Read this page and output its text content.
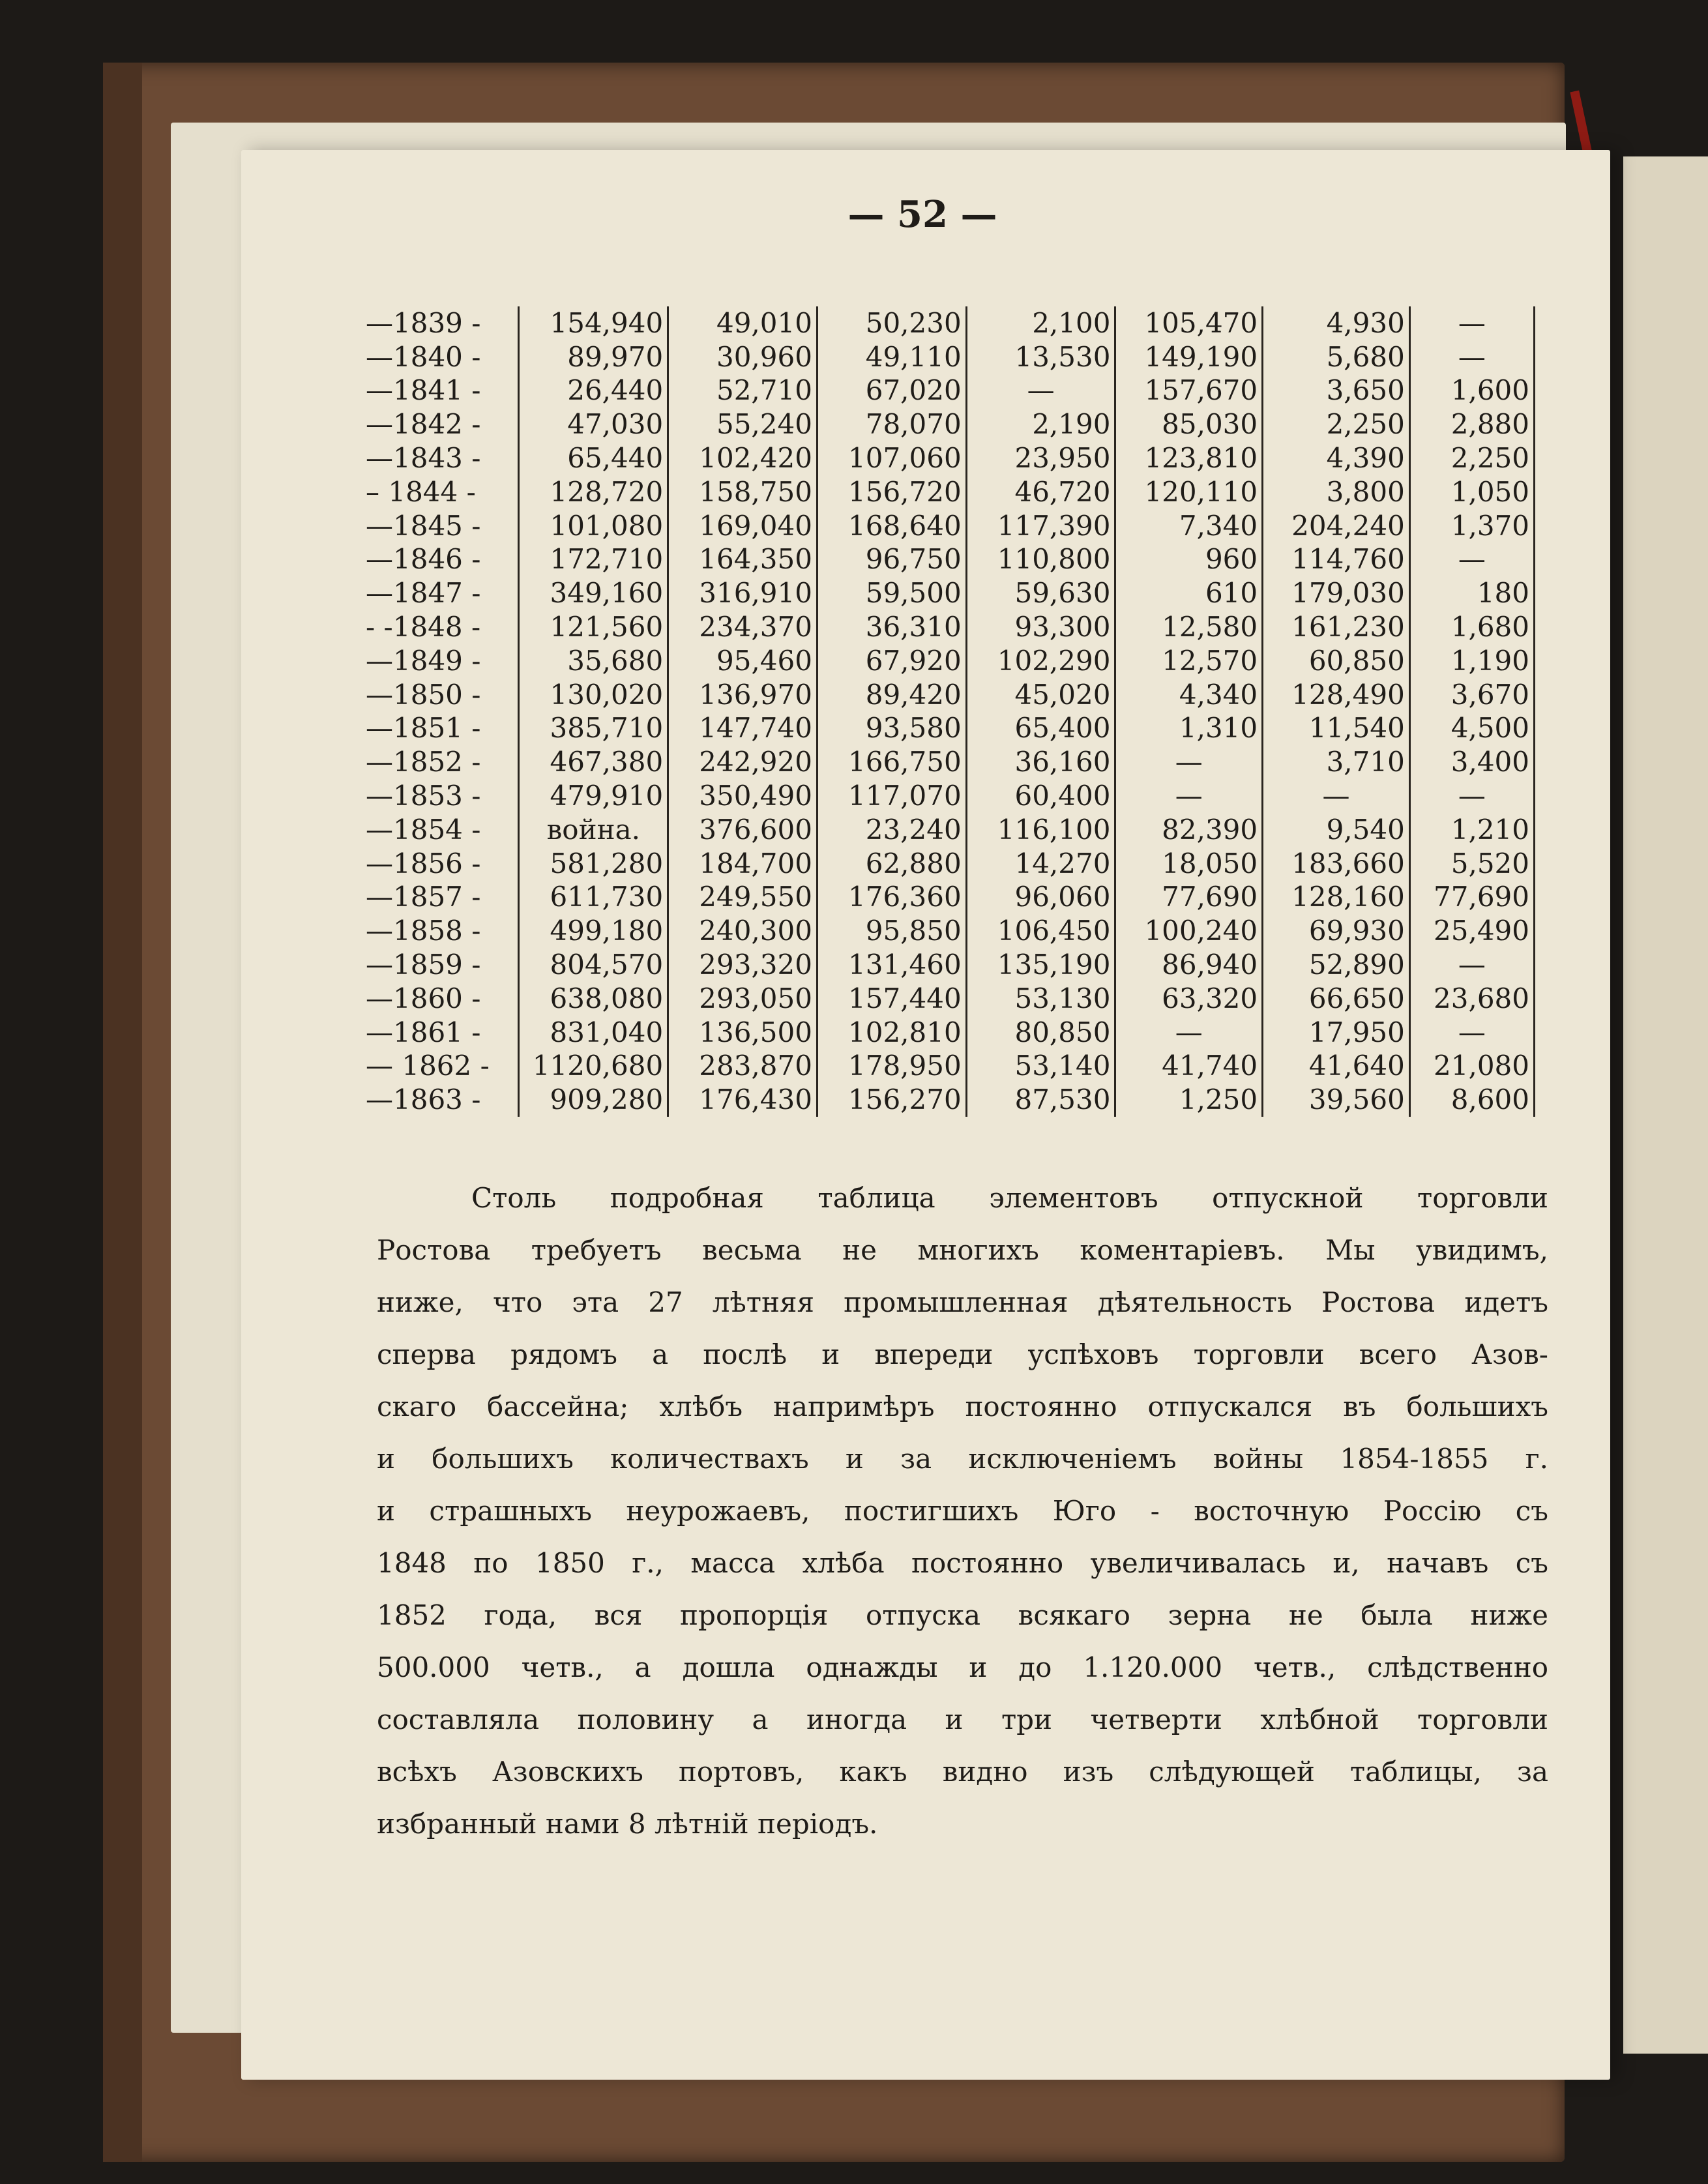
— 52 —
—1839 -	154,940	49,010	50,230	2,100	105,470	4,930	—
—1840 -	89,970	30,960	49,110	13,530	149,190	5,680	—
—1841 -	26,440	52,710	67,020	—	157,670	3,650	1,600
—1842 -	47,030	55,240	78,070	2,190	85,030	2,250	2,880
—1843 -	65,440	102,420	107,060	23,950	123,810	4,390	2,250
– 1844 -	128,720	158,750	156,720	46,720	120,110	3,800	1,050
—1845 -	101,080	169,040	168,640	117,390	7,340	204,240	1,370
—1846 -	172,710	164,350	96,750	110,800	960	114,760	—
—1847 -	349,160	316,910	59,500	59,630	610	179,030	180
- -1848 -	121,560	234,370	36,310	93,300	12,580	161,230	1,680
—1849 -	35,680	95,460	67,920	102,290	12,570	60,850	1,190
—1850 -	130,020	136,970	89,420	45,020	4,340	128,490	3,670
—1851 -	385,710	147,740	93,580	65,400	1,310	11,540	4,500
—1852 -	467,380	242,920	166,750	36,160	—	3,710	3,400
—1853 -	479,910	350,490	117,070	60,400	—	—	—
—1854 -	война.	376,600	23,240	116,100	82,390	9,540	1,210
—1856 -	581,280	184,700	62,880	14,270	18,050	183,660	5,520
—1857 -	611,730	249,550	176,360	96,060	77,690	128,160	77,690
—1858 -	499,180	240,300	95,850	106,450	100,240	69,930	25,490
—1859 -	804,570	293,320	131,460	135,190	86,940	52,890	—
—1860 -	638,080	293,050	157,440	53,130	63,320	66,650	23,680
—1861 -	831,040	136,500	102,810	80,850	—	17,950	—
— 1862 -	1120,680	283,870	178,950	53,140	41,740	41,640	21,080
—1863 -	909,280	176,430	156,270	87,530	1,250	39,560	8,600
Столь подробная таблица элементовъ отпускной торговли
Ростова требуетъ весьма не многихъ коментаріевъ. Мы увидимъ,
ниже, что эта 27 лѣтняя промышленная дѣятельность Ростова идетъ
сперва рядомъ а послѣ и впереди успѣховъ торговли всего Азов-
скаго бассейна; хлѣбъ напримѣръ постоянно отпускался въ большихъ
и большихъ количествахъ и за исключеніемъ войны 1854-1855 г.
и страшныхъ неурожаевъ, постигшихъ Юго - восточную Россію съ
1848 по 1850 г., масса хлѣба постоянно увеличивалась и, начавъ съ
1852 года, вся пропорція отпуска всякаго зерна не была ниже
500.000 четв., а дошла однажды и до 1.120.000 четв., слѣдственно
составляла половину а иногда и три четверти хлѣбной торговли
всѣхъ Азовскихъ портовъ, какъ видно изъ слѣдующей таблицы, за
избранный нами 8 лѣтній періодъ.
